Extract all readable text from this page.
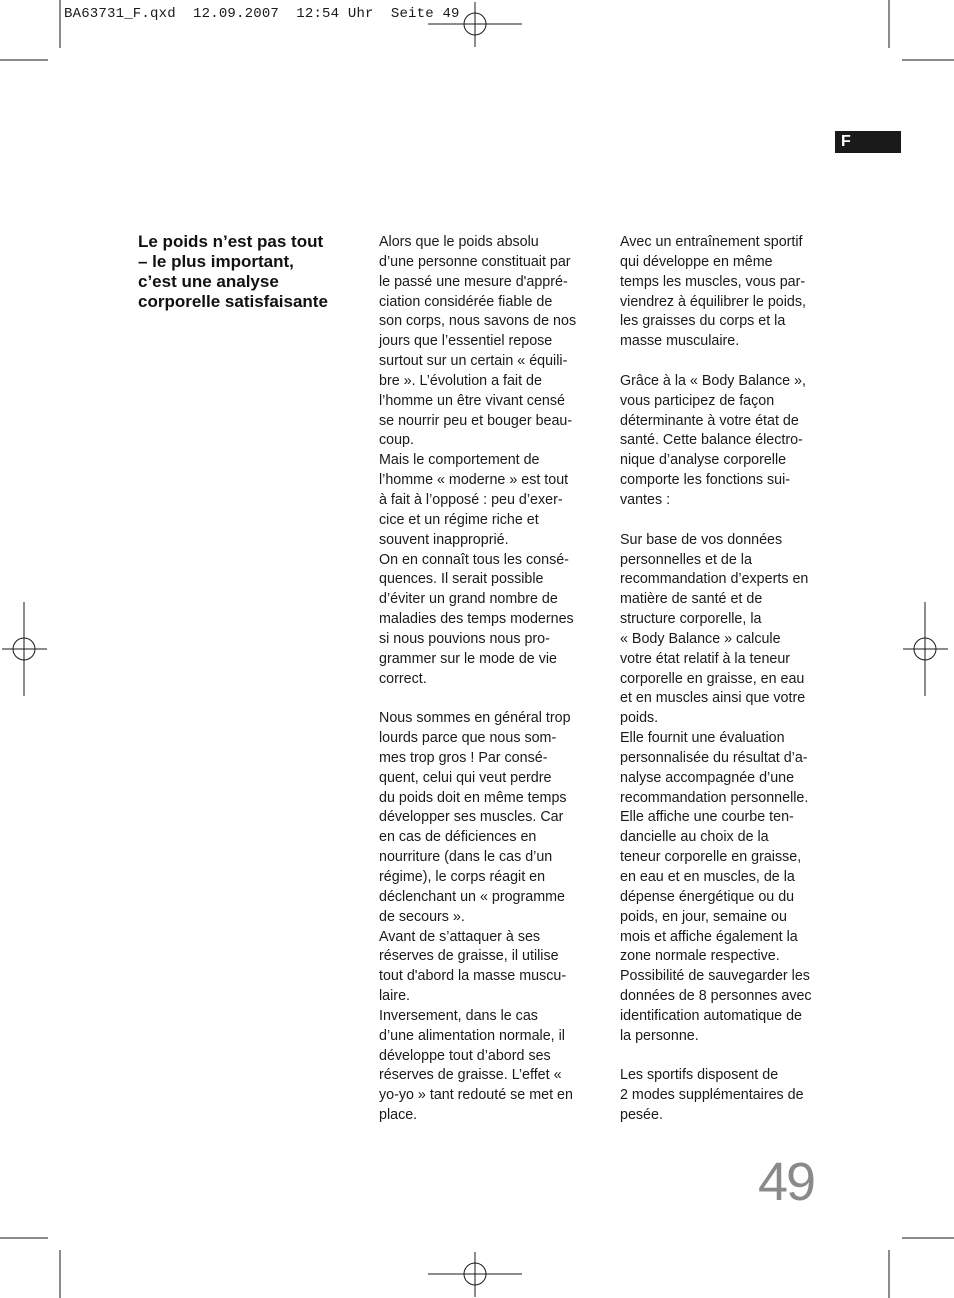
BA63731_F.qxd  12.09.2007  12:54 Uhr  Seite 49
F
Le poids n’est pas tout
– le plus important,
c’est une analyse
corporelle satisfaisante

Alors que le poids absolu

d’une personne constituait par

le passé une mesure d'appré-

ciation considérée fiable de

son corps, nous savons de nos

jours que l’essentiel repose

surtout sur un certain « équili-

bre ». L’évolution a fait de

l’homme un être vivant censé

se nourrir peu et bouger beau-

coup.

Mais le comportement de

l’homme « moderne » est tout

à fait à l’opposé : peu d’exer-

cice et un régime riche et

souvent inapproprié.

On en connaît tous les consé-

quences. Il serait possible

d’éviter un grand nombre de

maladies des temps modernes

si nous pouvions nous pro-

grammer sur le mode de vie

correct.

Nous sommes en général trop

lourds parce que nous som-

mes trop gros ! Par consé-

quent, celui qui veut perdre

du poids doit en même temps

développer ses muscles. Car

en cas de déficiences en

nourriture (dans le cas d’un

régime), le corps réagit en

déclenchant un « programme

de secours ».

Avant de s’attaquer à ses

réserves de graisse, il utilise

tout d'abord la masse muscu-

laire.

Inversement, dans le cas

d’une alimentation normale, il

développe tout d’abord ses

réserves de graisse. L’effet «

yo-yo » tant redouté se met en

place.

Avec un entraînement sportif

qui développe en même

temps les muscles, vous par-

viendrez à équilibrer le poids,

les graisses du corps et la

masse musculaire.

Grâce à la « Body Balance »,

vous participez de façon

déterminante à votre état de

santé. Cette balance électro-

nique d’analyse corporelle

comporte les fonctions sui-

vantes :

Sur base de vos données

personnelles et de la

recommandation d’experts en

matière de santé et de

structure corporelle, la

« Body Balance » calcule

votre état relatif à la teneur

corporelle en graisse, en eau

et en muscles ainsi que votre

poids.

Elle fournit une évaluation

personnalisée du résultat d’a-

nalyse accompagnée d’une

recommandation personnelle.

Elle affiche une courbe ten-

dancielle au choix de la

teneur corporelle en graisse,

en eau et en muscles, de la

dépense énergétique ou du

poids, en jour, semaine ou

mois et affiche également la

zone normale respective.

Possibilité de sauvegarder les

données de 8 personnes avec

identification automatique de

la personne.

Les sportifs disposent de

2 modes supplémentaires de

pesée.

49
